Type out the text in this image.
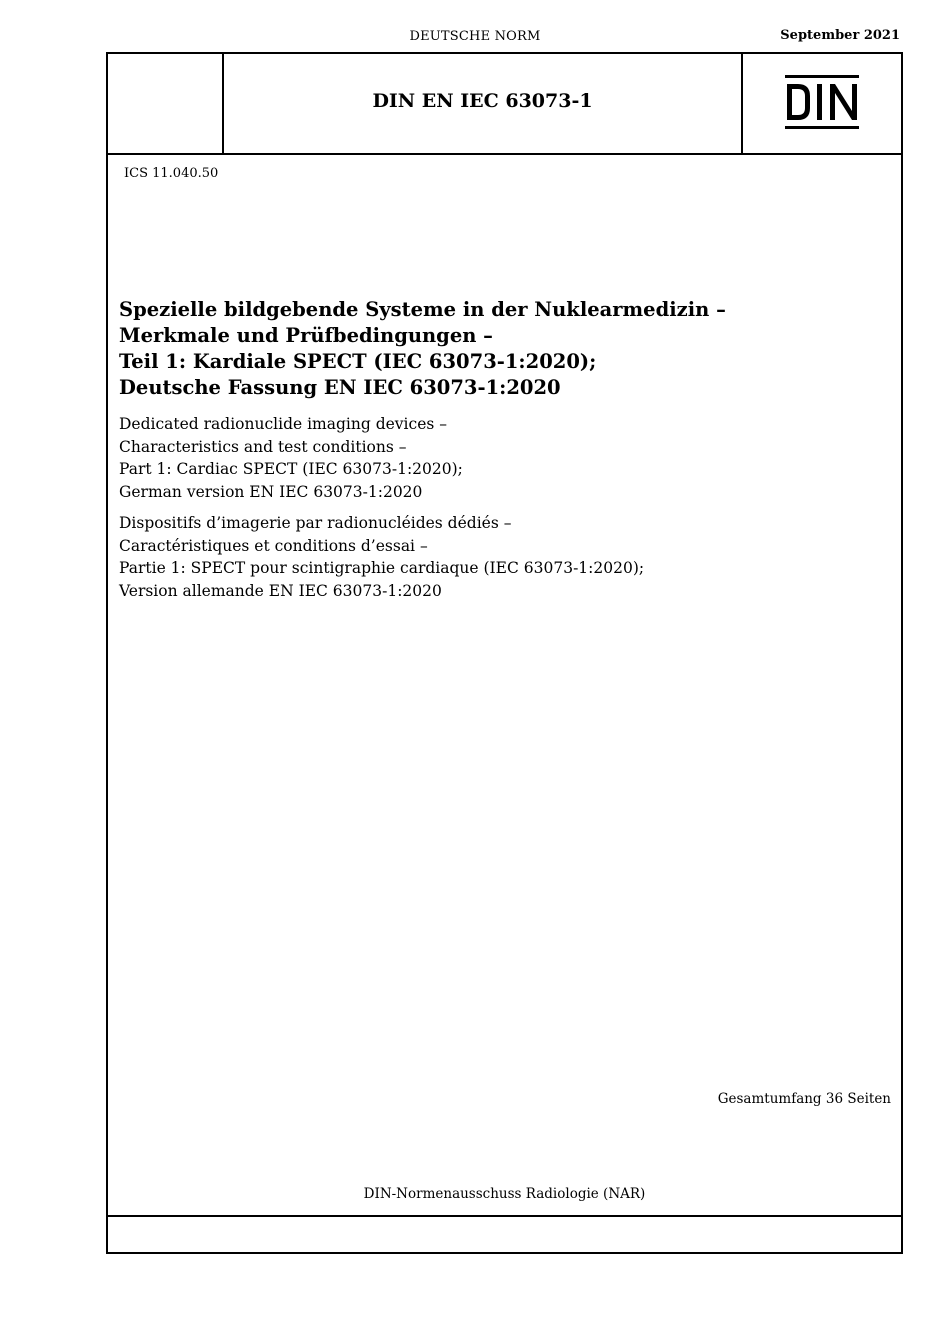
DEUTSCHE NORM	September 2021
DIN EN IEC 63073-1
ICS 11.040.50
Spezielle bildgebende Systeme in der Nuklearmedizin –
Merkmale und Prüfbedingungen –
Teil 1: Kardiale SPECT (IEC 63073-1:2020);
Deutsche Fassung EN IEC 63073-1:2020
Dedicated radionuclide imaging devices –
Characteristics and test conditions –
Part 1: Cardiac SPECT (IEC 63073-1:2020);
German version EN IEC 63073-1:2020
Dispositifs d’imagerie par radionucléides dédiés –
Caractéristiques et conditions d’essai –
Partie 1: SPECT pour scintigraphie cardiaque (IEC 63073-1:2020);
Version allemande EN IEC 63073-1:2020
Gesamtumfang 36 Seiten
DIN-Normenausschuss Radiologie (NAR)
